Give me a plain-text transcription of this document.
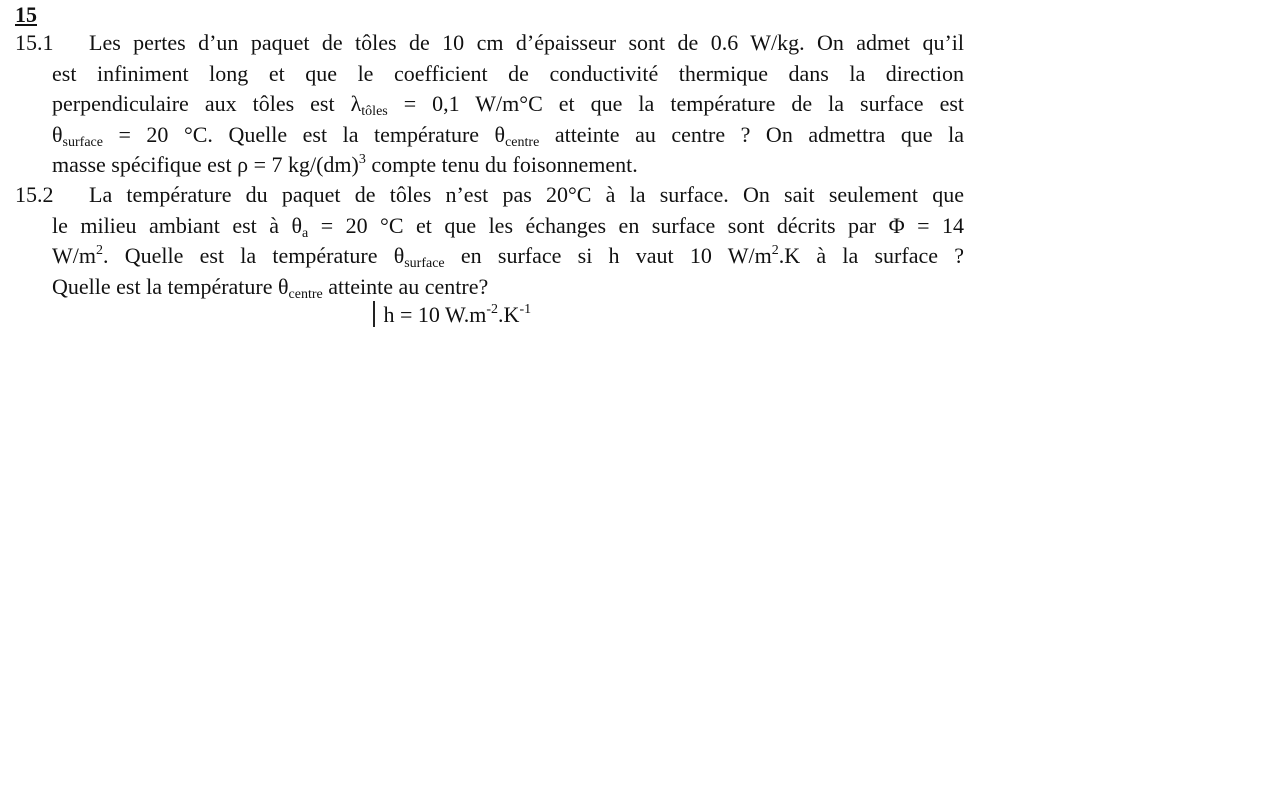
15
15.1 Les pertes d’un paquet de tôles de 10 cm d’épaisseur sont de 0.6 W/kg. On admet qu’il
est infiniment long et que le coefficient de conductivité thermique dans la direction
perpendiculaire aux tôles est $\lambda_{tôles} = 0,1$ W/m°C et que la température de la surface est
$\theta_{surface} = 20$ °C. Quelle est la température $\theta_{centre}$ atteinte au centre ? On admettra que la
masse spécifique est ρ = 7 kg/(dm)$^3$ compte tenu du foisonnement.
15.2 La température du paquet de tôles n’est pas 20°C à la surface. On sait seulement que
le milieu ambiant est à $\theta_a = 20$ °C et que les échanges en surface sont décrits par Φ = 14
$W/m^2$. Quelle est la température $\theta_{surface}$ en surface si h vaut 10 $W/m^2.K$ à la surface ?
Quelle est la température $\theta_{centre}$ atteinte au centre?
h = 10 $W.m^{-2}.K^{-1}$
